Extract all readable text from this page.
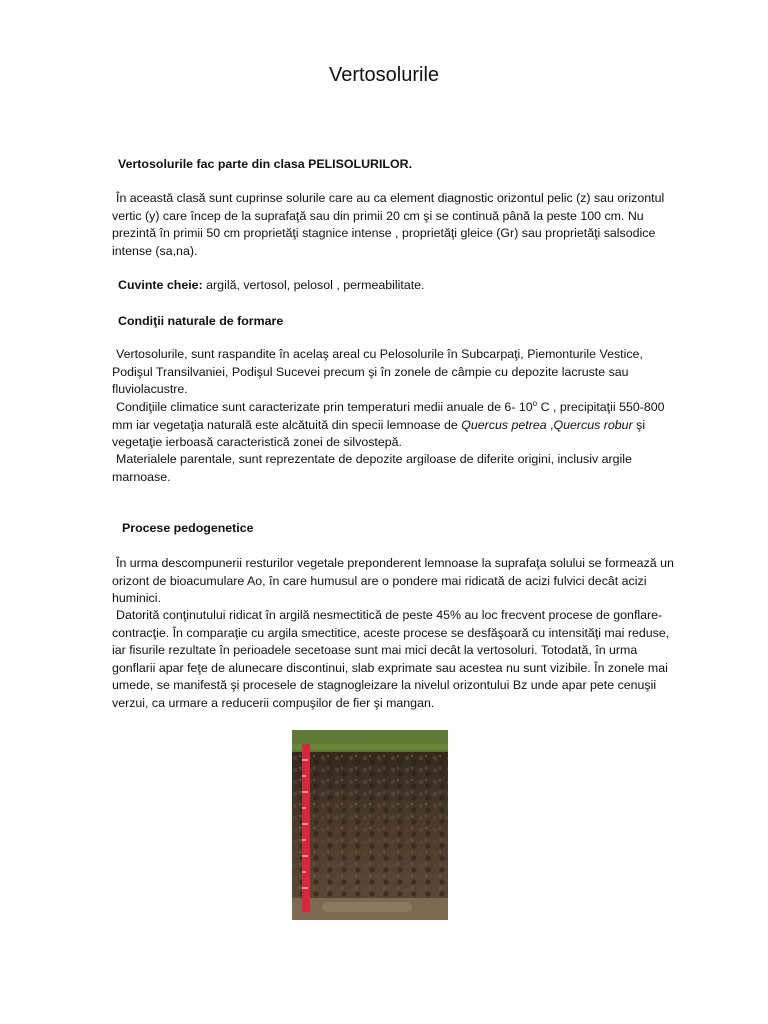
Vertosolurile

Vertosolurile fac parte din clasa PELISOLURILOR.

În această clasă sunt cuprinse solurile care au ca element diagnostic orizontul pelic (z) sau orizontul vertic (y) care încep de la suprafaţă sau din primii 20 cm şi se continuă până la peste 100 cm. Nu prezintă în primii 50 cm proprietăţi stagnice intense , proprietăţi gleice (Gr) sau proprietăţi salsodice intense (sa,na).

Cuvinte cheie: argilă, vertosol, pelosol , permeabilitate.

Condiţii naturale de formare

Vertosolurile, sunt raspandite în acelaş areal cu Pelosolurile în Subcarpaţi, Piemonturile Vestice, Podişul Transilvaniei, Podişul Sucevei precum şi în zonele de câmpie cu depozite lacruste sau fluviolacustre.

Condiţiile climatice sunt caracterizate prin temperaturi medii anuale de 6- 10$^o$ C , precipitaţii 550-800 mm iar vegetaţia naturală este alcătuită din specii lemnoase de Quercus petrea ,Quercus robur şi vegetaţie ierboasă caracteristică zonei de silvostepă.

Materialele parentale, sunt reprezentate de depozite argiloase de diferite origini, inclusiv argile marnoase.

Procese pedogenetice

În urma descompunerii resturilor vegetale preponderent lemnoase la suprafaţa solului se formează un orizont de bioacumulare Ao, în care humusul are o pondere mai ridicată de acizi fulvici decât acizi huminici.

Datorită conţinutului ridicat în argilă nesmectitică de peste 45% au loc frecvent procese de gonflare-contracţie. În comparaţie cu argila smectitice, aceste procese se desfăşoară cu intensităţi mai reduse, iar fisurile rezultate în perioadele secetoase sunt mai mici decât la vertosoluri. Totodată, în urma gonflarii apar feţe de alunecare discontinui, slab exprimate sau acestea nu sunt vizibile. În zonele mai umede, se manifestă şi procesele de stagnogleizare la nivelul orizontului Bz unde apar pete cenuşii verzui, ca urmare a reducerii compuşilor de fier şi mangan.
